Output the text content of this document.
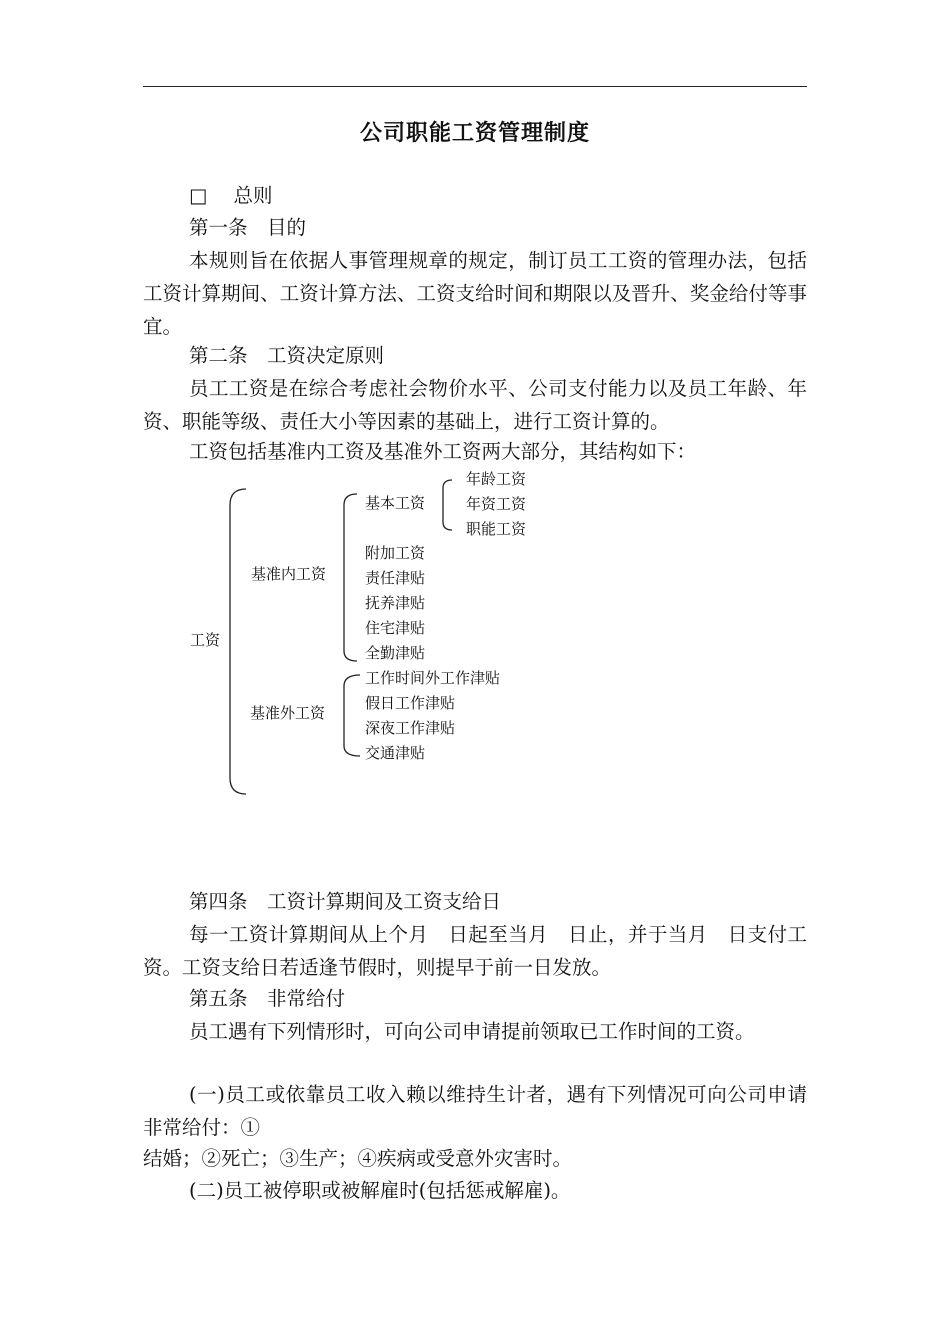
公司职能工资管理制度
□ 总则
第一条　目的

本规则旨在依据人事管理规章的规定，制订员工工资的管理办法，包括工资计算期间、工资计算方法、工资支给时间和期限以及晋升、奖金给付等事宜。

第二条　工资决定原则

员工工资是在综合考虑社会物价水平、公司支付能力以及员工年龄、年资、职能等级、责任大小等因素的基础上，进行工资计算的。

工资包括基准内工资及基准外工资两大部分，其结构如下：
工资
基准内工资
基本工资
年龄工资
年资工资
职能工资
附加工资
责任津贴
抚养津贴
住宅津贴
全勤津贴
基准外工资
工作时间外工作津贴
假日工作津贴
深夜工作津贴
交通津贴
第四条　工资计算期间及工资支给日

每一工资计算期间从上个月　日起至当月　日止，并于当月　日支付工资。工资支给日若适逢节假时，则提早于前一日发放。

第五条　非常给付

员工遇有下列情形时，可向公司申请提前领取已工作时间的工资。

(一)员工或依靠员工收入赖以维持生计者，遇有下列情况可向公司申请非常给付：①

结婚；②死亡；③生产；④疾病或受意外灾害时。
(二)员工被停职或被解雇时(包括惩戒解雇)。
